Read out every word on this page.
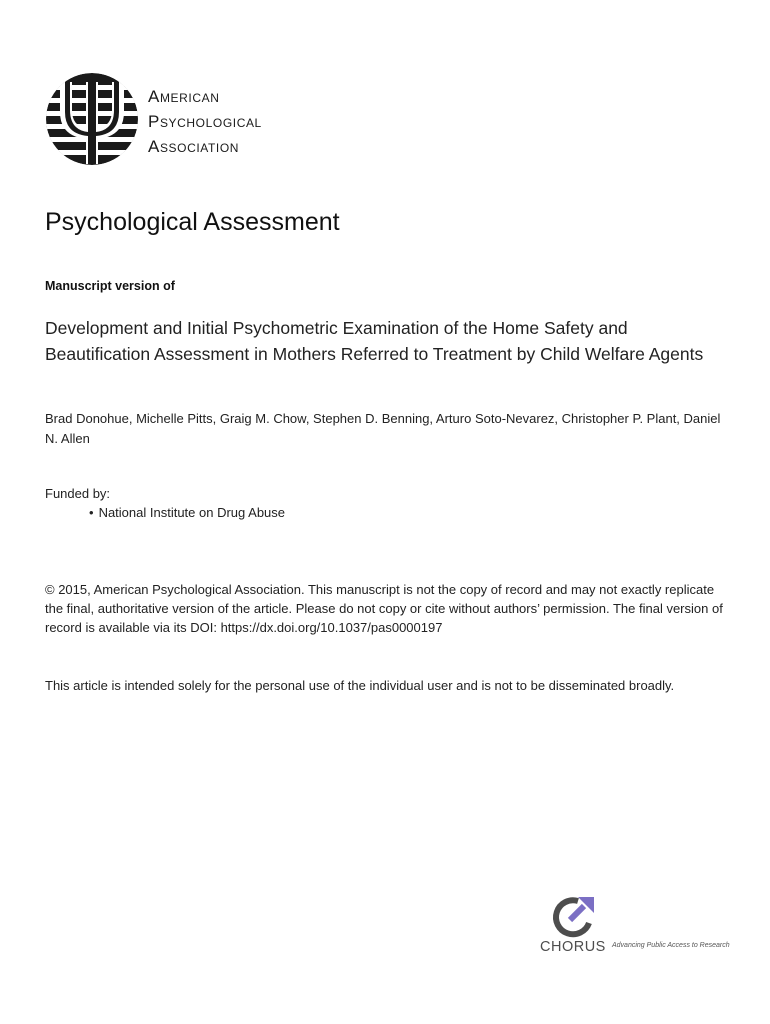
American
Psychological
Association
Psychological Assessment
Manuscript version of
Development and Initial Psychometric Examination of the Home Safety and Beautification Assessment in Mothers Referred to Treatment by Child Welfare Agents
Brad Donohue, Michelle Pitts, Graig M. Chow, Stephen D. Benning, Arturo Soto-Nevarez, Christopher P. Plant, Daniel N. Allen
Funded by:
• National Institute on Drug Abuse
© 2015, American Psychological Association. This manuscript is not the copy of record and may not exactly replicate the final, authoritative version of the article. Please do not copy or cite without authors’ permission. The final version of record is available via its DOI: https://dx.doi.org/10.1037/pas0000197
This article is intended solely for the personal use of the individual user and is not to be disseminated broadly.
CHORUS Advancing Public Access to Research
